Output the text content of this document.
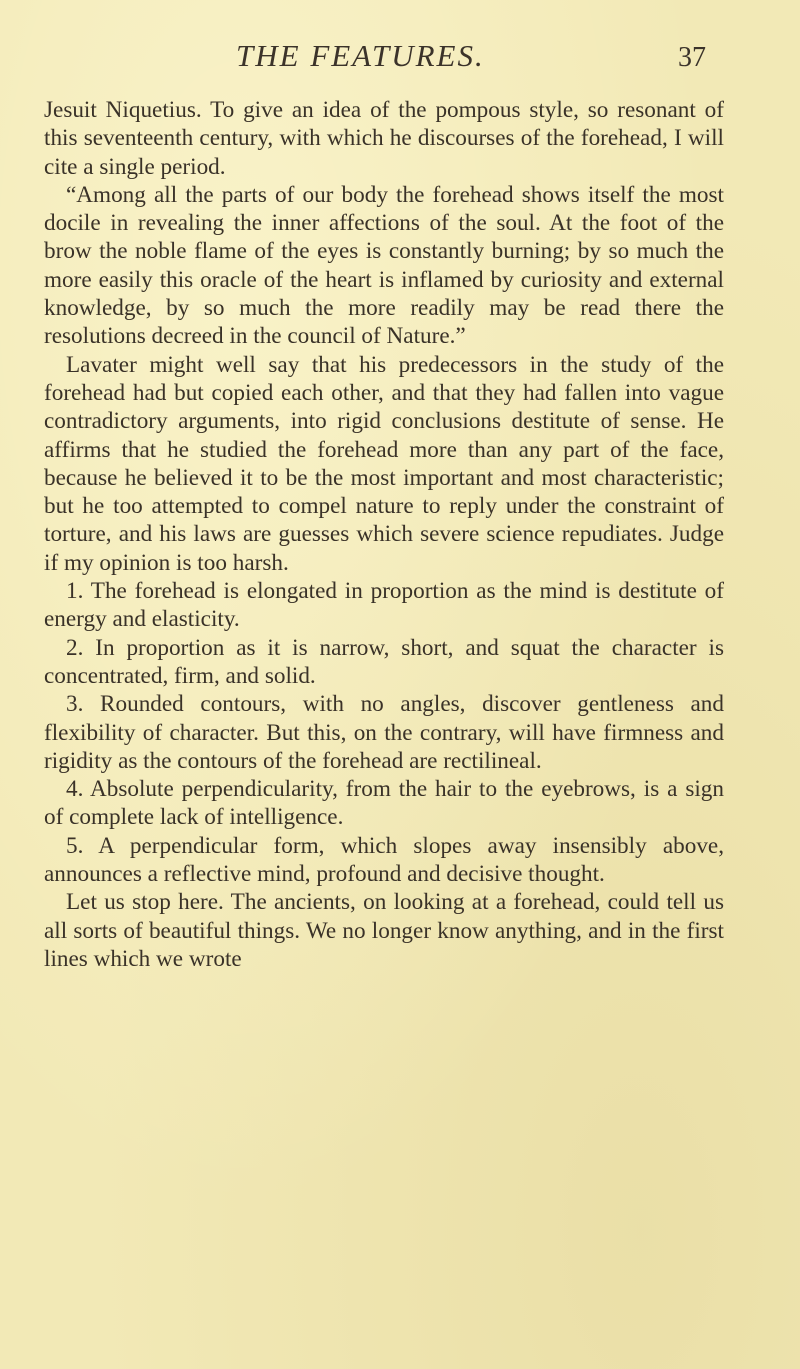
THE FEATURES.	37

Jesuit Niquetius. To give an idea of the pompous style, so resonant of this seventeenth century, with which he discourses of the forehead, I will cite a single period.

“Among all the parts of our body the forehead shows itself the most docile in revealing the inner affections of the soul. At the foot of the brow the noble flame of the eyes is constantly burning; by so much the more easily this oracle of the heart is inflamed by curiosity and external knowledge, by so much the more readily may be read there the resolutions decreed in the council of Nature.”

Lavater might well say that his predecessors in the study of the forehead had but copied each other, and that they had fallen into vague contradictory arguments, into rigid conclusions destitute of sense. He affirms that he studied the forehead more than any part of the face, because he believed it to be the most important and most characteristic; but he too attempted to compel nature to reply under the constraint of torture, and his laws are guesses which severe science repudiates. Judge if my opinion is too harsh.

1. The forehead is elongated in proportion as the mind is destitute of energy and elasticity.

2. In proportion as it is narrow, short, and squat the character is concentrated, firm, and solid.

3. Rounded contours, with no angles, discover gentleness and flexibility of character. But this, on the contrary, will have firmness and rigidity as the contours of the forehead are rectilineal.

4. Absolute perpendicularity, from the hair to the eyebrows, is a sign of complete lack of intelligence.

5. A perpendicular form, which slopes away insensibly above, announces a reflective mind, profound and decisive thought.

Let us stop here. The ancients, on looking at a forehead, could tell us all sorts of beautiful things. We no longer know anything, and in the first lines which we wrote
